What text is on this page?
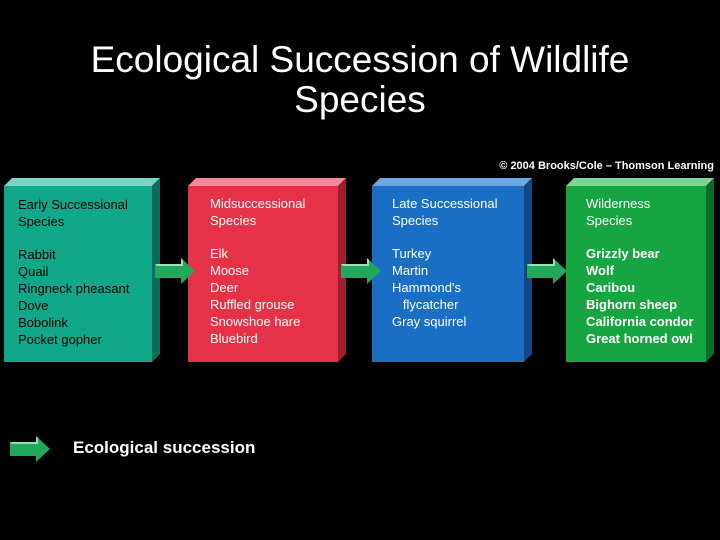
Ecological Succession of Wildlife
Species
© 2004 Brooks/Cole – Thomson Learning
Early Successional
Species
Rabbit
Quail
Ringneck pheasant
Dove
Bobolink
Pocket gopher
Midsuccessional
Species
Elk
Moose
Deer
Ruffled grouse
Snowshoe hare
Bluebird
Late Successional
Species
Turkey
Martin
Hammond's
flycatcher
Gray squirrel
Wilderness
Species
Grizzly bear
Wolf
Caribou
Bighorn sheep
California condor
Great horned owl
Ecological succession
